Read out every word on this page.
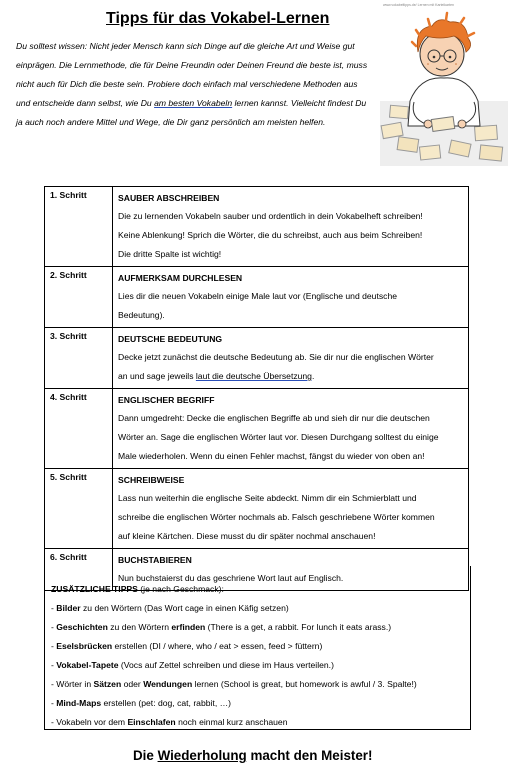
Tipps für das Vokabel-Lernen
Du solltest wissen: Nicht jeder Mensch kann sich Dinge auf die gleiche Art und Weise gut einprägen. Die Lernmethode, die für Deine Freundin oder Deinen Freund die beste ist, muss nicht auch für Dich die beste sein. Probiere doch einfach mal verschiedene Methoden aus und entscheide dann selbst, wie Du am besten Vokabeln lernen kannst. Vielleicht findest Du ja auch noch andere Mittel und Wege, die Dir ganz persönlich am meisten helfen.
www.vokabeltipps.de/ Lernen mit Karteikarten
1. Schritt	SAUBER ABSCHREIBEN
Die zu lernenden Vokabeln sauber und ordentlich in dein Vokabelheft schreiben!
Keine Ablenkung! Sprich die Wörter, die du schreibst, auch aus beim Schreiben!
Die dritte Spalte ist wichtig!

2. Schritt	AUFMERKSAM DURCHLESEN
Lies dir die neuen Vokabeln einige Male laut vor (Englische und deutsche
Bedeutung).

3. Schritt	DEUTSCHE BEDEUTUNG
Decke jetzt zunächst die deutsche Bedeutung ab. Sie dir nur die englischen Wörter
an und sage jeweils laut die deutsche Übersetzung.

4. Schritt	ENGLISCHER BEGRIFF
Dann umgedreht: Decke die englischen Begriffe ab und sieh dir nur die deutschen
Wörter an. Sage die englischen Wörter laut vor. Diesen Durchgang solltest du einige
Male wiederholen. Wenn du einen Fehler machst, fängst du wieder von oben an!

5. Schritt	SCHREIBWEISE
Lass nun weiterhin die englische Seite abdeckt. Nimm dir ein Schmierblatt und
schreibe die englischen Wörter nochmals ab. Falsch geschriebene Wörter kommen
auf kleine Kärtchen. Diese musst du dir später nochmal anschauen!

6. Schritt	BUCHSTABIEREN
Nun buchstaierst du das geschriene Wort laut auf Englisch.
ZUSÄTZLICHE TIPPS (je nach Geschmack):
- Bilder zu den Wörtern (Das Wort cage in einen Käfig setzen)
- Geschichten zu den Wörtern erfinden (There is a get, a rabbit. For lunch it eats arass.)
- Eselsbrücken erstellen (DI / where, who / eat > essen, feed > füttern)
- Vokabel-Tapete (Vocs auf Zettel schreiben und diese im Haus verteilen.)
- Wörter in Sätzen oder Wendungen lernen (School is great, but homework is awful / 3. Spalte!)
- Mind-Maps erstellen (pet: dog, cat, rabbit, …)
- Vokabeln vor dem Einschlafen noch einmal kurz anschauen
Die Wiederholung macht den Meister!
